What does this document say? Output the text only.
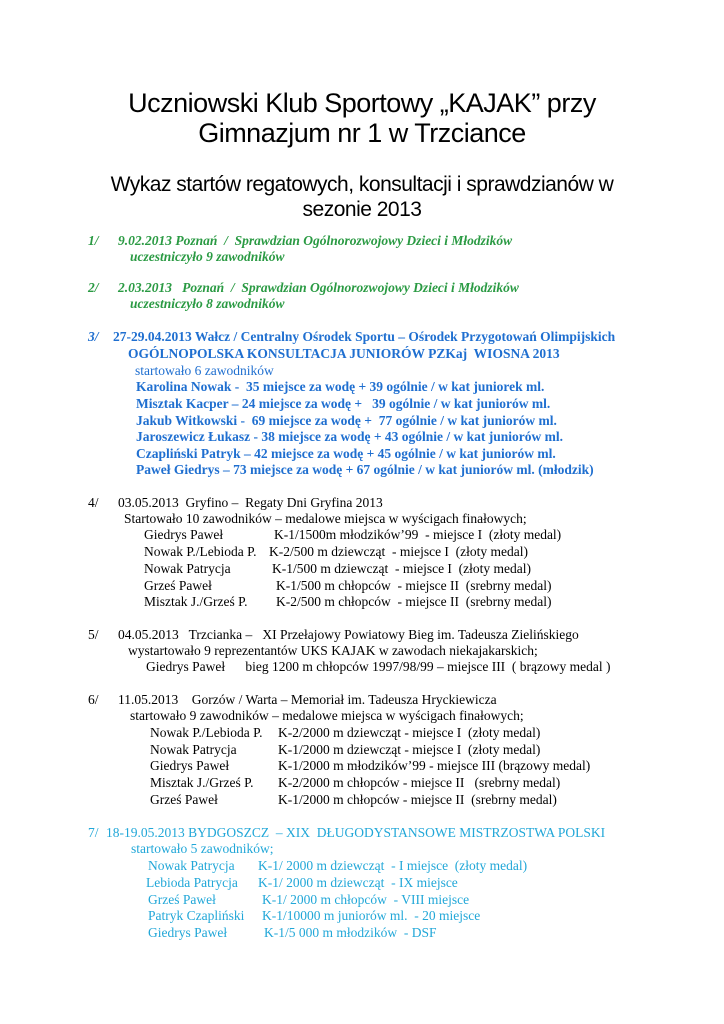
Uczniowski Klub Sportowy „KAJAK” przy
Gimnazjum nr 1 w Trzciance
Wykaz startów regatowych, konsultacji i sprawdzianów w
sezonie 2013
1/ 9.02.2013 Poznań  /  Sprawdzian Ogólnorozwojowy Dzieci i Młodzików
uczestniczyło 9 zawodników
2/ 2.03.2013   Poznań  /  Sprawdzian Ogólnorozwojowy Dzieci i Młodzików
uczestniczyło 8 zawodników
3/ 27-29.04.2013 Wałcz / Centralny Ośrodek Sportu – Ośrodek Przygotowań Olimpijskich
OGÓLNOPOLSKA KONSULTACJA JUNIORÓW PZKaj  WIOSNA 2013
startowało 6 zawodników
Karolina Nowak -  35 miejsce za wodę + 39 ogólnie / w kat juniorek ml.
Misztak Kacper – 24 miejsce za wodę +   39 ogólnie / w kat juniorów ml.
Jakub Witkowski -  69 miejsce za wodę +  77 ogólnie / w kat juniorów ml.
Jaroszewicz Łukasz - 38 miejsce za wodę + 43 ogólnie / w kat juniorów ml.
Czapliński Patryk – 42 miejsce za wodę + 45 ogólnie / w kat juniorów ml.
Paweł Giedrys – 73 miejsce za wodę + 67 ogólnie / w kat juniorów ml. (młodzik)
4/ 03.05.2013  Gryfino –  Regaty Dni Gryfina 2013
Startowało 10 zawodników – medalowe miejsca w wyścigach finałowych;
Giedrys Paweł	K-1/1500m młodzików’99  - miejsce I  (złoty medal)
Nowak P./Lebioda P. K-2/500 m dziewcząt  - miejsce I  (złoty medal)
Nowak Patrycja	K-1/500 m dziewcząt  - miejsce I  (złoty medal)
Grześ Paweł	K-1/500 m chłopców  - miejsce II  (srebrny medal)
Misztak J./Grześ P. K-2/500 m chłopców  - miejsce II  (srebrny medal)
5/ 04.05.2013   Trzcianka –   XI Przełajowy Powiatowy Bieg im. Tadeusza Zielińskiego
wystartowało 9 reprezentantów UKS KAJAK w zawodach niekajakarskich;
Giedrys Paweł      bieg 1200 m chłopców 1997/98/99 – miejsce III  ( brązowy medal )
6/ 11.05.2013    Gorzów / Warta – Memoriał im. Tadeusza Hryckiewicza
startowało 9 zawodników – medalowe miejsca w wyścigach finałowych;
Nowak P./Lebioda P. K-2/2000 m dziewcząt - miejsce I  (złoty medal)
Nowak Patrycja	K-1/2000 m dziewcząt - miejsce I  (złoty medal)
Giedrys Paweł	K-1/2000 m młodzików’99 - miejsce III (brązowy medal)
Misztak J./Grześ P. K-2/2000 m chłopców - miejsce II   (srebrny medal)
Grześ Paweł	K-1/2000 m chłopców - miejsce II  (srebrny medal)
7/ 18-19.05.2013 BYDGOSZCZ  – XIX  DŁUGODYSTANSOWE MISTRZOSTWA POLSKI
startowało 5 zawodników;
Nowak Patrycja K-1/ 2000 m dziewcząt  - I miejsce  (złoty medal)
Lebioda Patrycja K-1/ 2000 m dziewcząt  - IX miejsce
Grześ Paweł	K-1/ 2000 m chłopców  - VIII miejsce
Patryk Czapliński K-1/10000 m juniorów ml.  - 20 miejsce
Giedrys Paweł	K-1/5 000 m młodzików  - DSF
